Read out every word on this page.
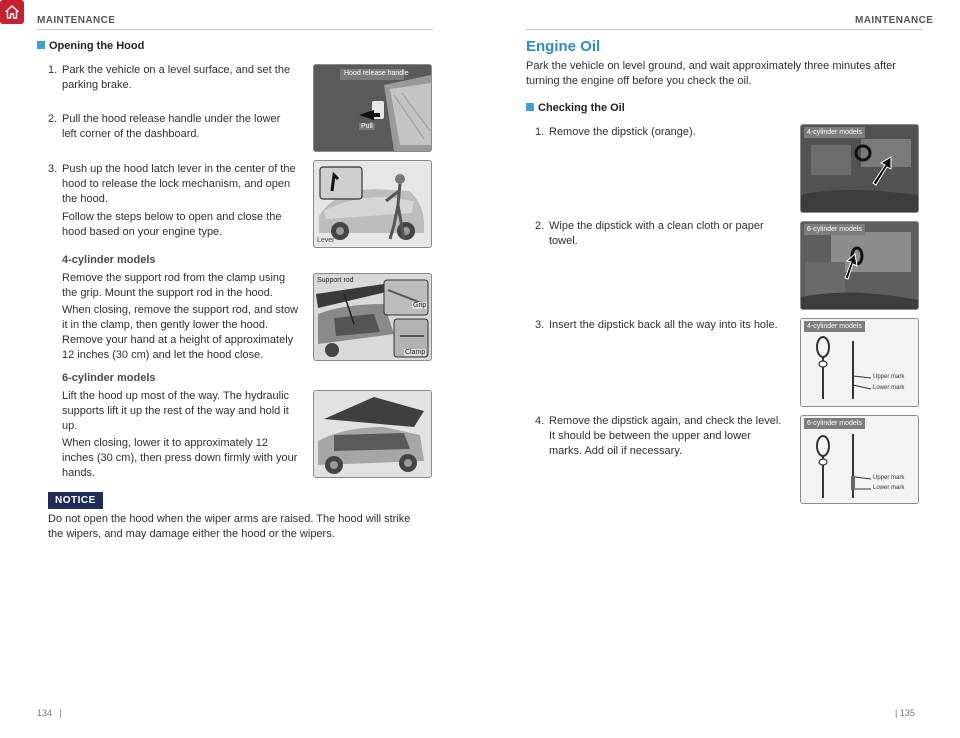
MAINTENANCE	MAINTENANCE
Opening the Hood
1. Park the vehicle on a level surface, and set the parking brake.
2. Pull the hood release handle under the lower left corner of the dashboard.
3. Push up the hood latch lever in the center of the hood to release the lock mechanism, and open the hood.
Follow the steps below to open and close the hood based on your engine type.
4-cylinder models
Remove the support rod from the clamp using the grip. Mount the support rod in the hood.
When closing, remove the support rod, and stow it in the clamp, then gently lower the hood. Remove your hand at a height of approximately 12 inches (30 cm) and let the hood close.
6-cylinder models
Lift the hood up most of the way. The hydraulic supports lift it up the rest of the way and hold it up.
When closing, lower it to approximately 12 inches (30 cm), then press down firmly with your hands.
NOTICE
Do not open the hood when the wiper arms are raised. The hood will strike the wipers, and may damage either the hood or the wipers.
Hood release handle
Pull
Lever
Support rod
Grip
Clamp
134   |
Engine Oil
Park the vehicle on level ground, and wait approximately three minutes after turning the engine off before you check the oil.
Checking the Oil
1. Remove the dipstick (orange).
2. Wipe the dipstick with a clean cloth or paper towel.
3. Insert the dipstick back all the way into its hole.
4. Remove the dipstick again, and check the level. It should be between the upper and lower marks. Add oil if necessary.
4-cylinder models
6-cylinder models
4-cylinder models
Upper mark
Lower mark
6-cylinder models
Upper mark
Lower mark
| 135
